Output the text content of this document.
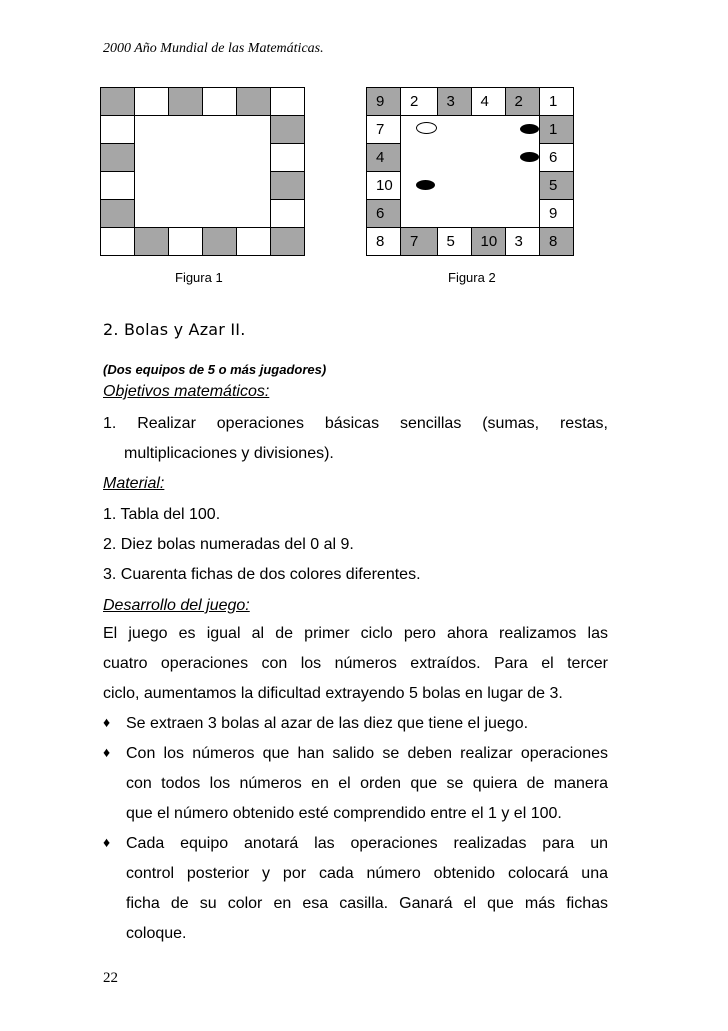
2000 Año Mundial de las Matemáticas.

Figura 1
9	2	3	4	2	1
7					1
4					6
10					5
6					9
8	7	5	10	3	8
Figura 2
2. Bolas y Azar II.
(Dos equipos de 5 o más jugadores)
Objetivos matemáticos:
1. Realizar operaciones básicas sencillas (sumas, restas,
multiplicaciones y divisiones).
Material:
1. Tabla del 100.
2. Diez bolas numeradas del 0 al 9.
3. Cuarenta fichas de dos colores diferentes.
Desarrollo del juego:
El juego es igual al de primer ciclo pero ahora realizamos las
cuatro operaciones con los números extraídos. Para el tercer
ciclo, aumentamos la dificultad extrayendo 5 bolas en lugar de 3.
♦ Se extraen 3 bolas al azar de las diez que tiene el juego.
♦ Con los números que han salido se deben realizar operaciones
con todos los números en el orden que se quiera de manera
que el número obtenido esté comprendido entre el 1 y el 100.
♦ Cada equipo anotará las operaciones realizadas para un
control posterior y por cada número obtenido colocará una
ficha de su color en esa casilla. Ganará el que más fichas
coloque.
22
